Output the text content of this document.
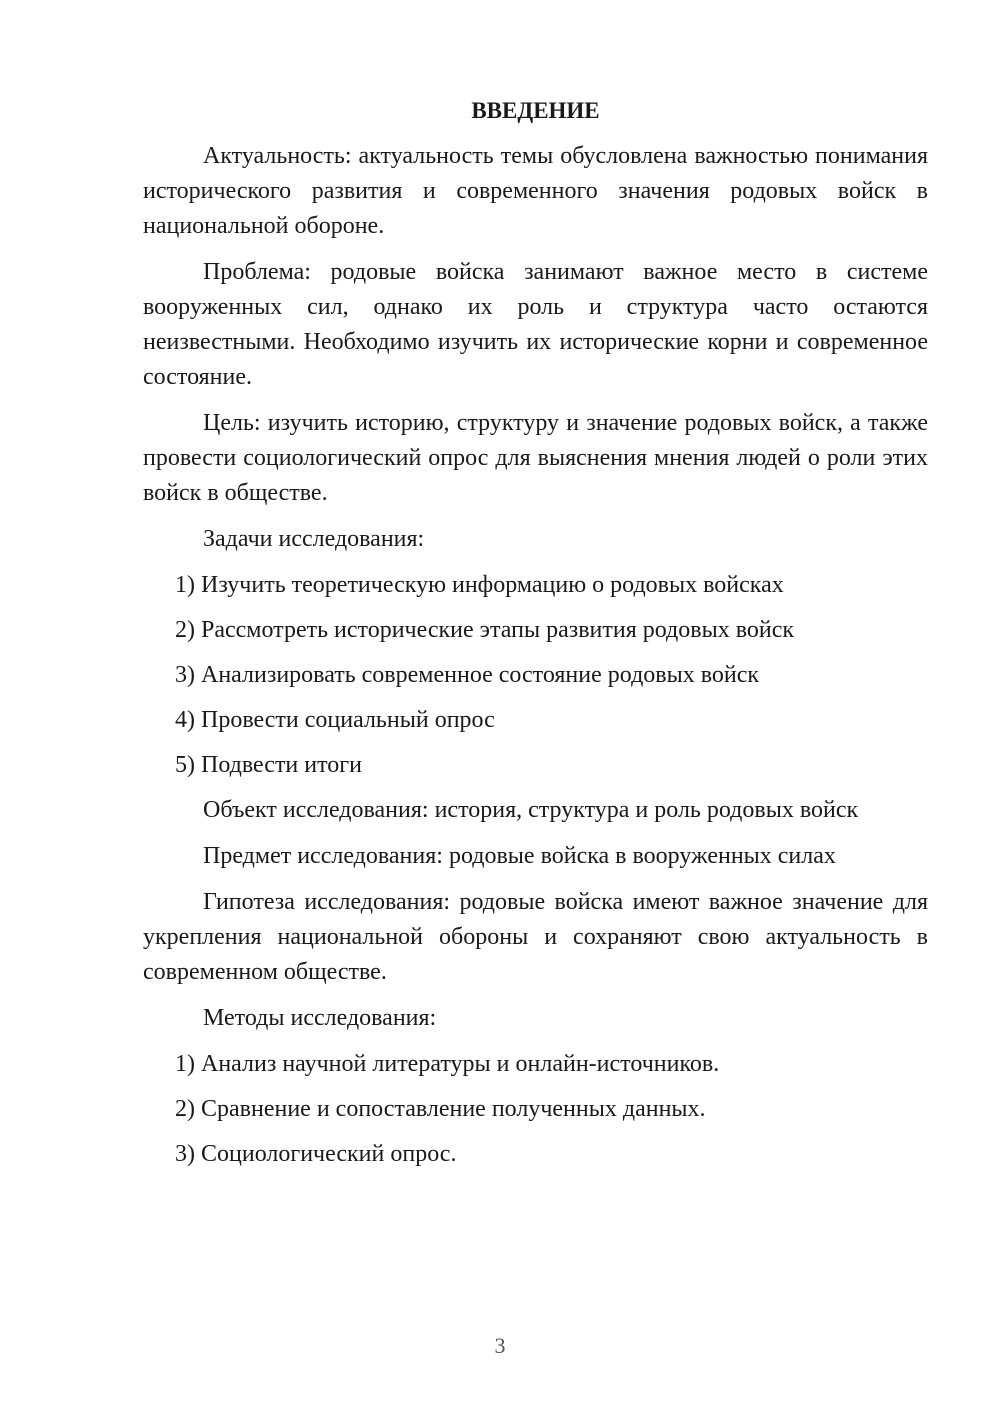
ВВЕДЕНИЕ

Актуальность: актуальность темы обусловлена важностью понимания исторического развития и современного значения родовых войск в национальной обороне.

Проблема: родовые войска занимают важное место в системе вооруженных сил, однако их роль и структура часто остаются неизвестными. Необходимо изучить их исторические корни и современное состояние.

Цель: изучить историю, структуру и значение родовых войск, а также провести социологический опрос для выяснения мнения людей о роли этих войск в обществе.

Задачи исследования:

1) Изучить теоретическую информацию о родовых войсках
2) Рассмотреть исторические этапы развития родовых войск
3) Анализировать современное состояние родовых войск
4) Провести социальный опрос
5) Подвести итоги

Объект исследования: история, структура и роль родовых войск

Предмет исследования: родовые войска в вооруженных силах

Гипотеза исследования: родовые войска имеют важное значение для укрепления национальной обороны и сохраняют свою актуальность в современном обществе.

Методы исследования:

1) Анализ научной литературы и онлайн-источников.
2) Сравнение и сопоставление полученных данных.
3) Социологический опрос.
3
